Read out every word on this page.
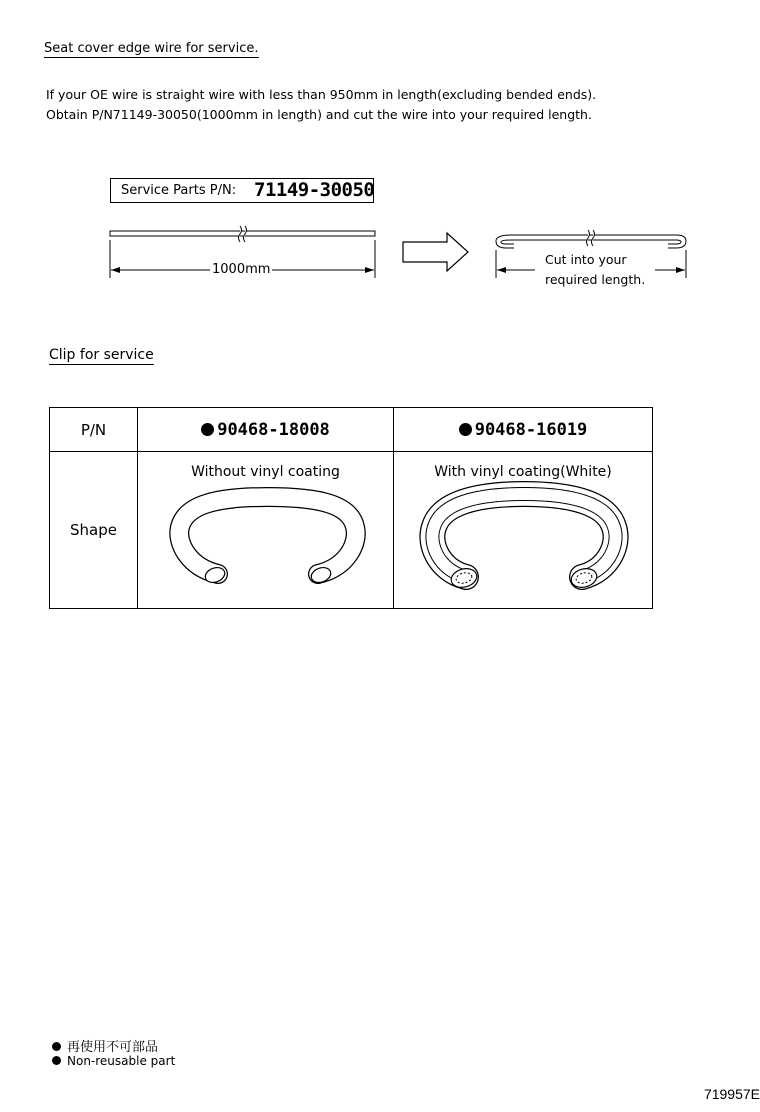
Seat cover edge wire for service.
If your OE wire is straight wire with less than 950mm in length(excluding bended ends).
Obtain P/N71149-30050(1000mm in length) and cut the wire into your required length.
Service Parts P/N: 71149-30050
1000mm
Cut into your
required length.
Clip for service
P/N	90468-18008	90468-16019
Shape	Without vinyl coating	With vinyl coating(White)
再使用不可部品
Non-reusable part
719957E
